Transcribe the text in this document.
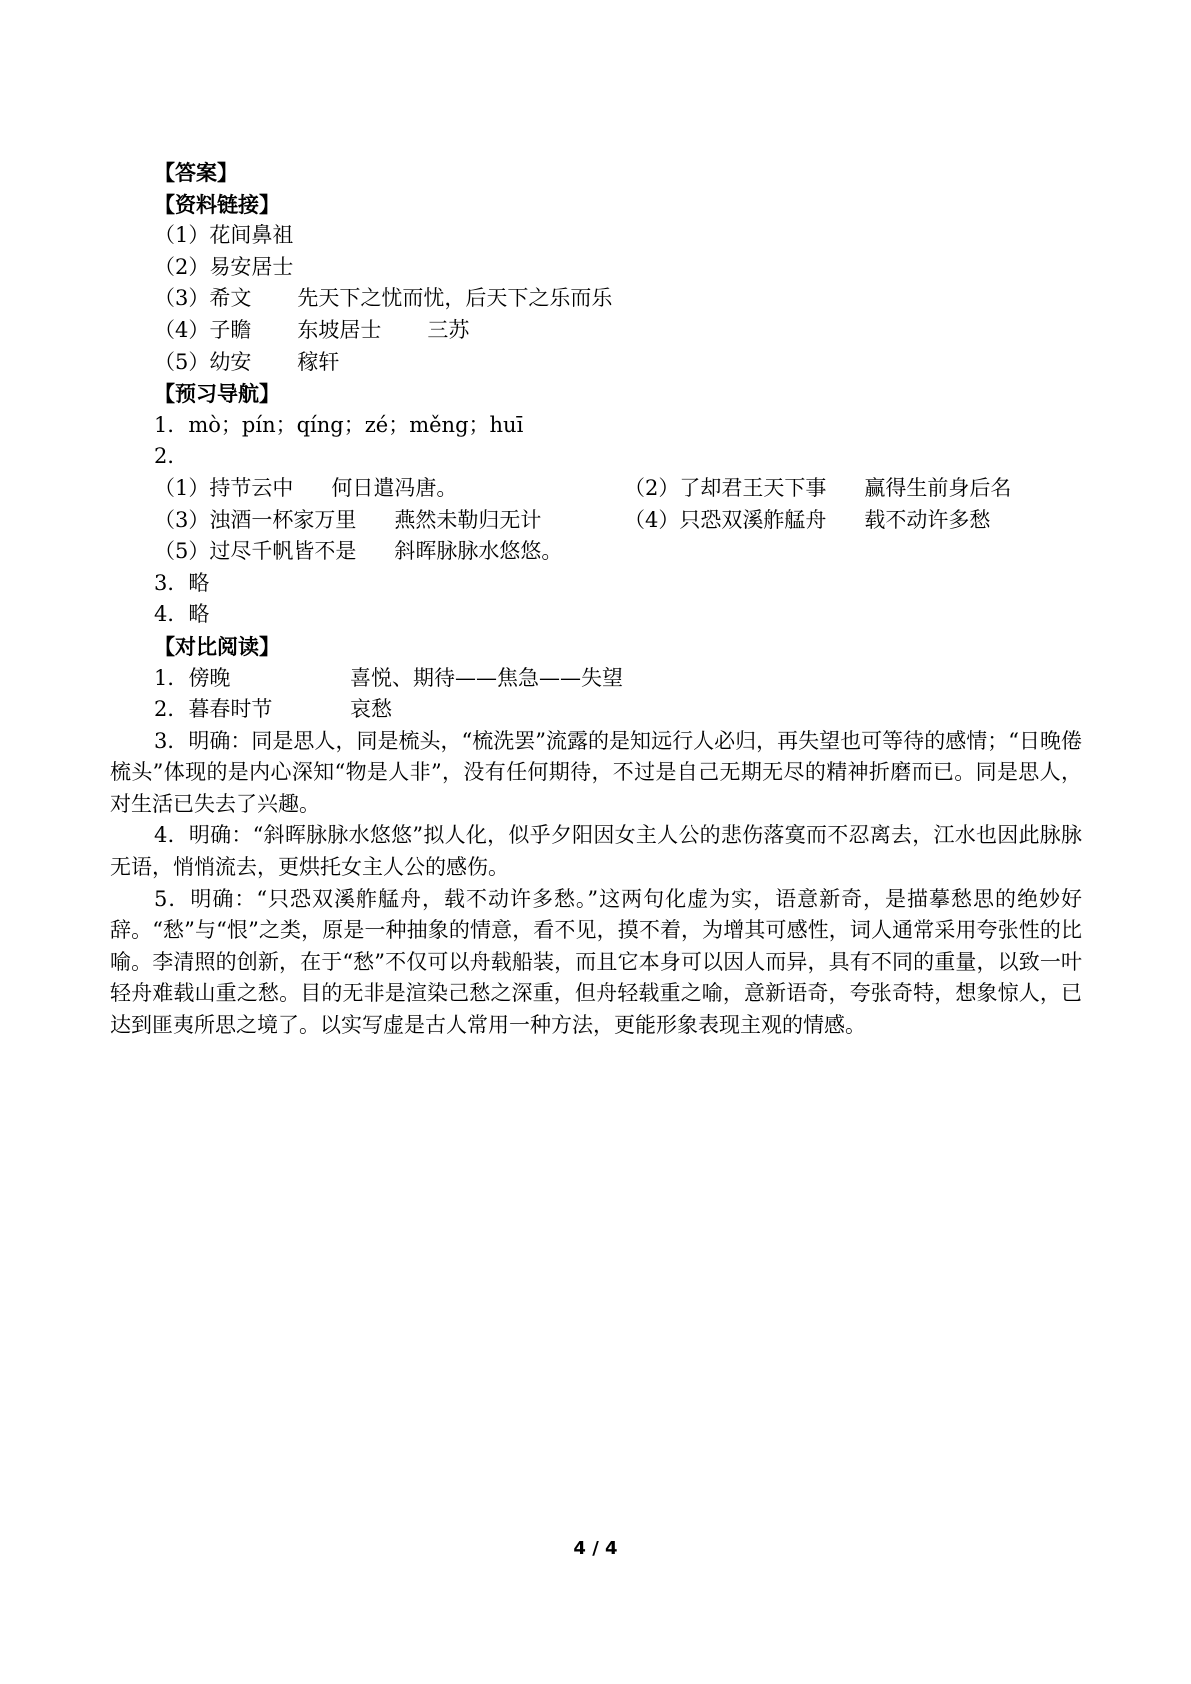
【答案】
【资料链接】
（1）花间鼻祖
（2）易安居士
（3）希文 先天下之忧而忧，后天下之乐而乐
（4）子瞻 东坡居士 三苏
（5）幼安 稼轩
【预习导航】
1．mò；pín；qíng；zé；měng；huī
2．
（1）持节云中 何日遣冯唐。	（2）了却君王天下事 赢得生前身后名
（3）浊酒一杯家万里 燕然未勒归无计	（4）只恐双溪舴艋舟 载不动许多愁
（5）过尽千帆皆不是 斜晖脉脉水悠悠。
3．略
4．略
【对比阅读】
1．傍晚	喜悦、期待——焦急——失望
2．暮春时节	哀愁

3．明确：同是思人，同是梳头，“梳洗罢”流露的是知远行人必归，再失望也可等待的感情；“日晚倦梳头”体现的是内心深知“物是人非”，没有任何期待，不过是自己无期无尽的精神折磨而已。同是思人，对生活已失去了兴趣。

4．明确：“斜晖脉脉水悠悠”拟人化，似乎夕阳因女主人公的悲伤落寞而不忍离去，江水也因此脉脉无语，悄悄流去，更烘托女主人公的感伤。

5．明确：“只恐双溪舴艋舟，载不动许多愁。”这两句化虚为实，语意新奇，是描摹愁思的绝妙好辞。“愁”与“恨”之类，原是一种抽象的情意，看不见，摸不着，为增其可感性，词人通常采用夸张性的比喻。李清照的创新，在于“愁”不仅可以舟载船装，而且它本身可以因人而异，具有不同的重量，以致一叶轻舟难载山重之愁。目的无非是渲染己愁之深重，但舟轻载重之喻，意新语奇，夸张奇特，想象惊人，已达到匪夷所思之境了。以实写虚是古人常用一种方法，更能形象表现主观的情感。

4 / 4
